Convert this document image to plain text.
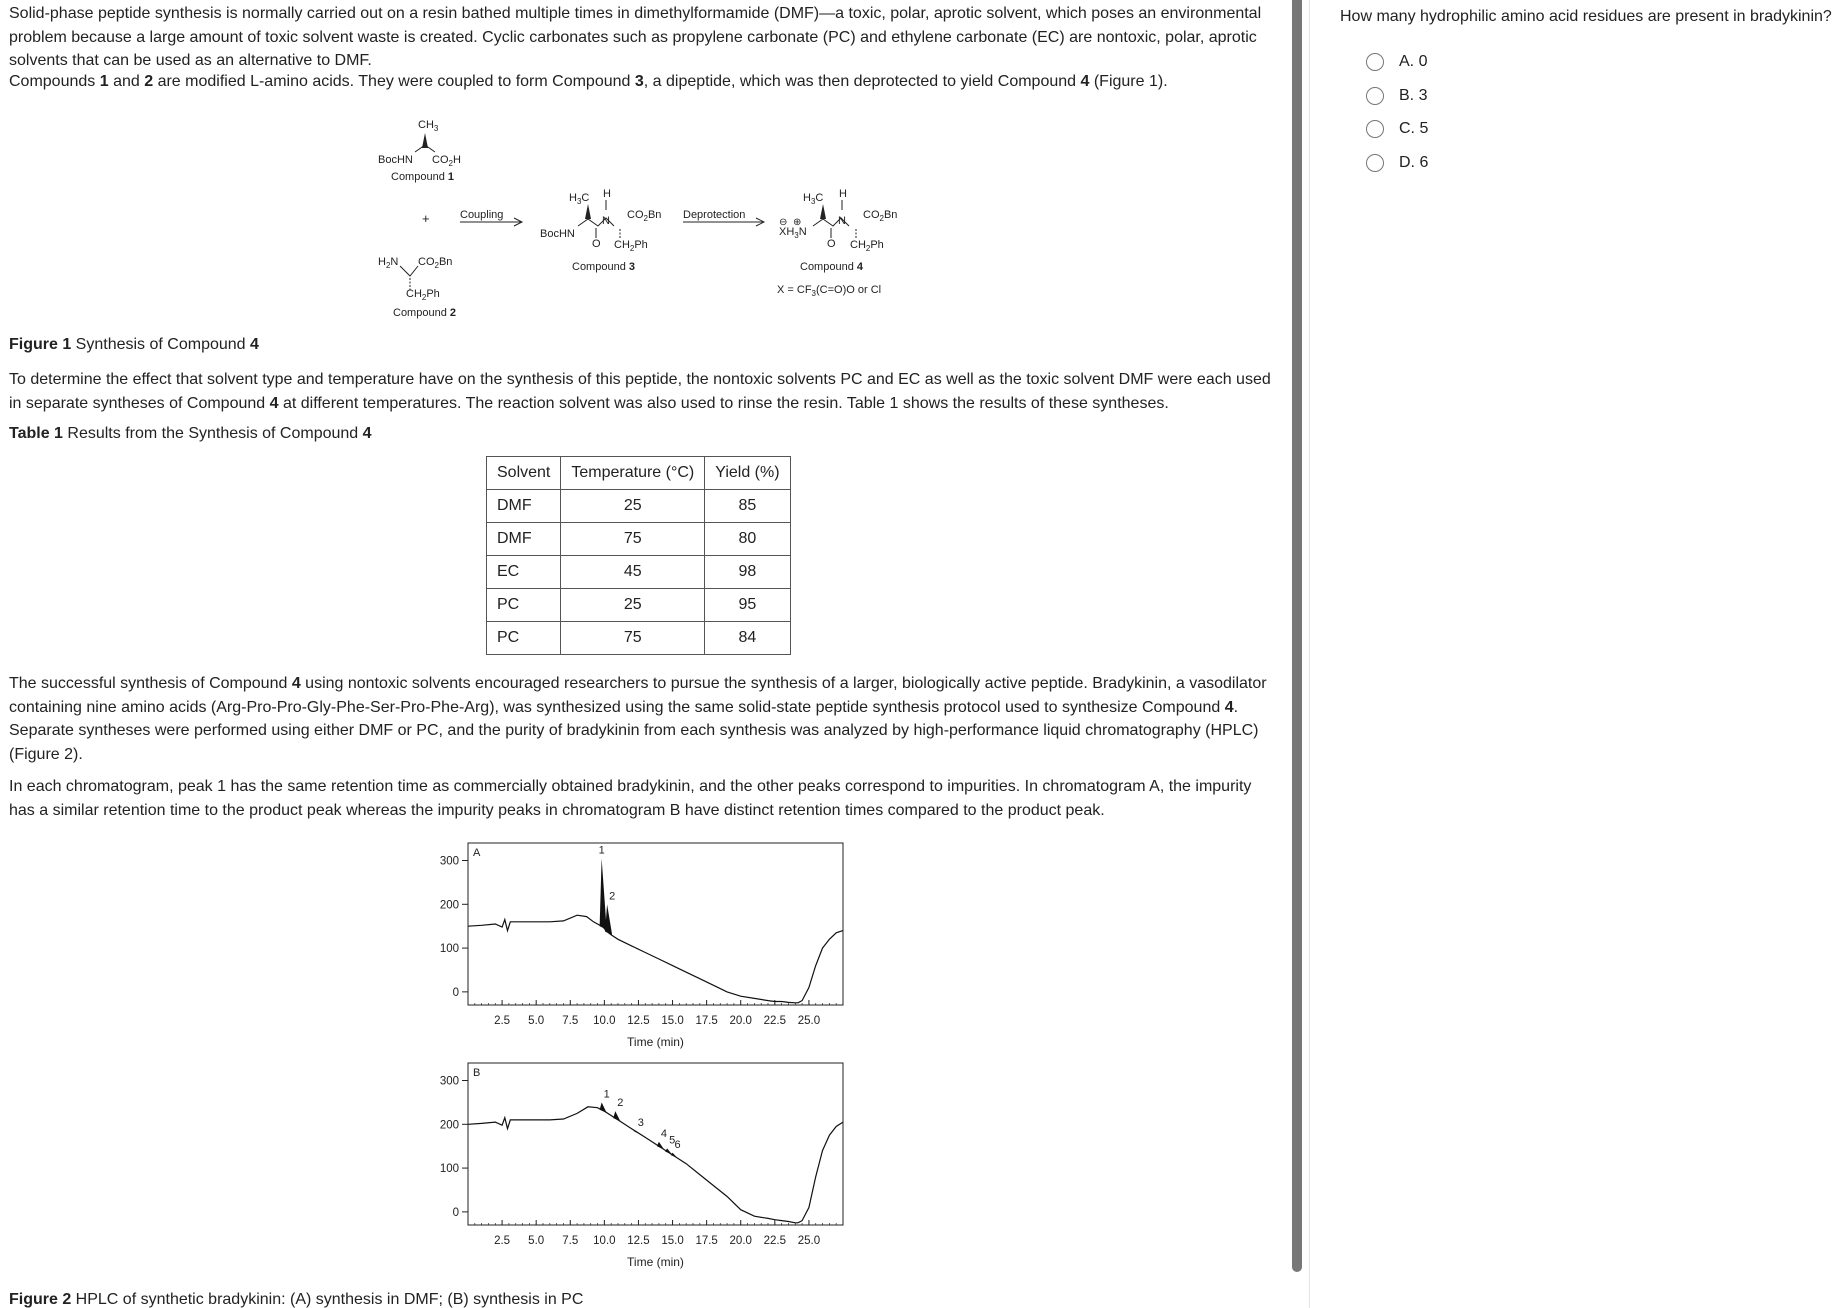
Solid-phase peptide synthesis is normally carried out on a resin bathed multiple times in dimethylformamide (DMF)—a toxic, polar, aprotic solvent, which poses an environmental problem because a large amount of toxic solvent waste is created. Cyclic carbonates such as propylene carbonate (PC) and ethylene carbonate (EC) are nontoxic, polar, aprotic solvents that can be used as an alternative to DMF.

Compounds 1 and 2 are modified L-amino acids. They were coupled to form Compound 3, a dipeptide, which was then deprotected to yield Compound 4 (Figure 1).

$CH_3$
BocHN $CO_2H$
Compound 1
+
$H_2N$ $CO_2Bn$
$CH_2Ph$
Compound 2
Coupling
$H_3C$ H
N
O
$CO_2Bn$
$CH_2Ph$
BocHN
Compound 3
Deprotection
$H_3C$ H
N
O
$CO_2Bn$
$CH_2Ph$
⊖ ⊕
$XH_3N$
Compound 4
$X = CF_3(C=O)O$ or Cl

Figure 1 Synthesis of Compound 4

To determine the effect that solvent type and temperature have on the synthesis of this peptide, the nontoxic solvents PC and EC as well as the toxic solvent DMF were each used in separate syntheses of Compound 4 at different temperatures. The reaction solvent was also used to rinse the resin. Table 1 shows the results of these syntheses.

Table 1 Results from the Synthesis of Compound 4

Solvent	Temperature (°C)	Yield (%)
DMF	25	85
DMF	75	80
EC	45	98
PC	25	95
PC	75	84

The successful synthesis of Compound 4 using nontoxic solvents encouraged researchers to pursue the synthesis of a larger, biologically active peptide. Bradykinin, a vasodilator containing nine amino acids (Arg-Pro-Pro-Gly-Phe-Ser-Pro-Phe-Arg), was synthesized using the same solid-state peptide synthesis protocol used to synthesize Compound 4. Separate syntheses were performed using either DMF or PC, and the purity of bradykinin from each synthesis was analyzed by high-performance liquid chromatography (HPLC) (Figure 2).

In each chromatogram, peak 1 has the same retention time as commercially obtained bradykinin, and the other peaks correspond to impurities. In chromatogram A, the impurity has a similar retention time to the product peak whereas the impurity peaks in chromatogram B have distinct retention times compared to the product peak.

A
2.5 5.0 7.5 10.0 12.5 15.0 17.5 20.0 22.5 25.0
Time (min)
300
200
100
0
1
2
B
2.5 5.0 7.5 10.0 12.5 15.0 17.5 20.0 22.5 25.0
Time (min)
300
200
100
0
1
2
3
4
5 6

Figure 2 HPLC of synthetic bradykinin: (A) synthesis in DMF; (B) synthesis in PC

How many hydrophilic amino acid residues are present in bradykinin?

A. 0
B. 3
C. 5
D. 6
